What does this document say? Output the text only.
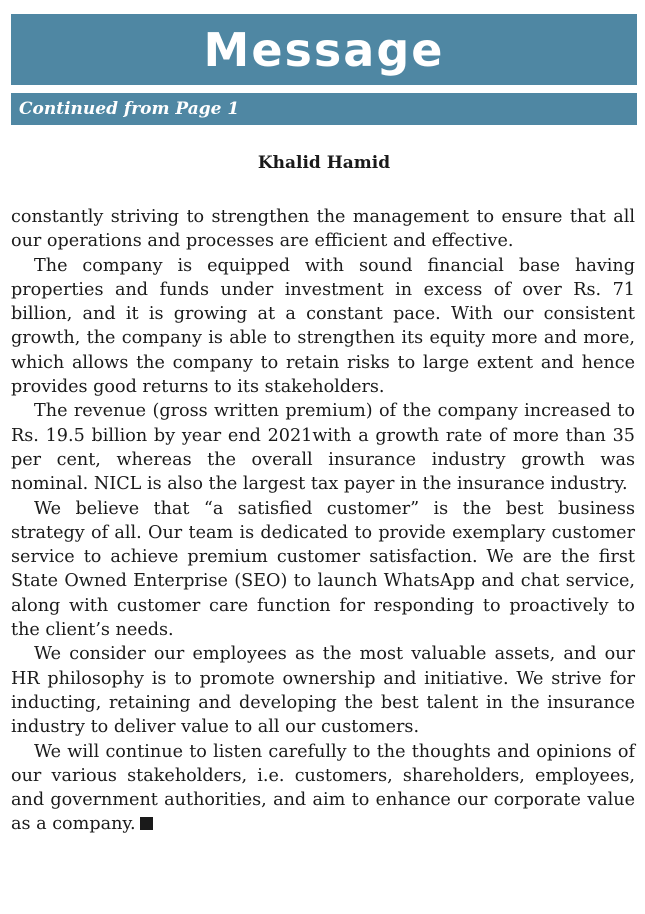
Message
Continued from Page 1
Khalid Hamid

constantly striving to strengthen the management to ensure that all our operations and processes are efficient and effective.

The company is equipped with sound financial base having properties and funds under investment in excess of over Rs. 71 billion, and it is growing at a constant pace. With our consistent growth, the company is able to strengthen its equity more and more, which allows the company to retain risks to large extent and hence provides good returns to its stakeholders.

The revenue (gross written premium) of the company increased to Rs. 19.5 billion by year end 2021with a growth rate of more than 35 per cent, whereas the overall insurance industry growth was nominal. NICL is also the largest tax payer in the insurance industry.

We believe that “a satisfied customer” is the best business strategy of all. Our team is dedicated to provide exemplary customer service to achieve premium customer satisfaction. We are the first State Owned Enterprise (SEO) to launch WhatsApp and chat service, along with customer care function for responding to proactively to the client’s needs.

We consider our employees as the most valuable assets, and our HR philosophy is to promote ownership and initiative. We strive for inducting, retaining and developing the best talent in the insurance industry to deliver value to all our customers.

We will continue to listen carefully to the thoughts and opinions of our various stakeholders, i.e. customers, shareholders, employees, and government authorities, and aim to enhance our corporate value as a company.
